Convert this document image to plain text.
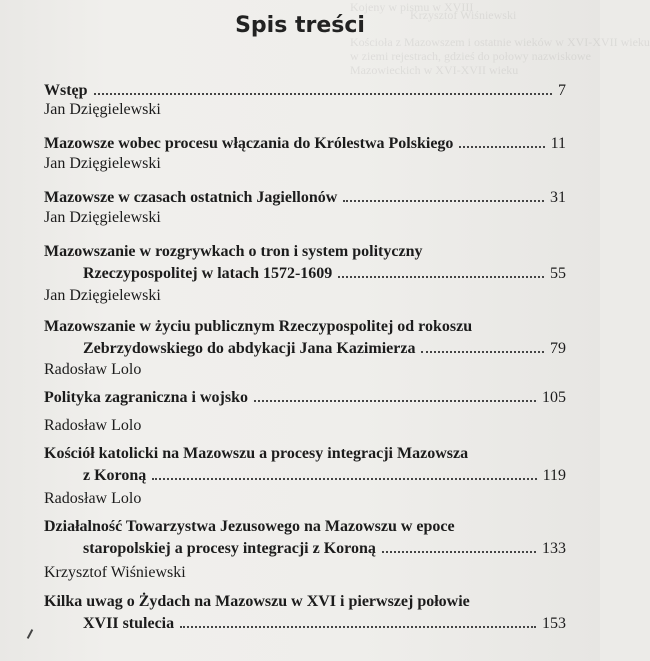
Kojeny w pismu w XVIII
Krzysztof Wiśniewski
Kościoła z Mazowszem i ostatnie wieków w XVI-XVII wieku
w ziemi rejestrach, gdzieś do połowy nazwiskowe
Mazowieckich w XVI-XVII wieku
Spis treści
Wstęp	7
Jan Dzięgielewski
Mazowsze wobec procesu włączania do Królestwa Polskiego	11
Jan Dzięgielewski
Mazowsze w czasach ostatnich Jagiellonów	31
Jan Dzięgielewski
Mazowszanie w rozgrywkach o tron i system polityczny
Rzeczypospolitej w latach 1572-1609	55
Jan Dzięgielewski
Mazowszanie w życiu publicznym Rzeczypospolitej od rokoszu
Zebrzydowskiego do abdykacji Jana Kazimierza	79
Radosław Lolo
Polityka zagraniczna i wojsko	105
Radosław Lolo
Kościół katolicki na Mazowszu a procesy integracji Mazowsza
z Koroną	119
Radosław Lolo
Działalność Towarzystwa Jezusowego na Mazowszu w epoce
staropolskiej a procesy integracji z Koroną	133
Krzysztof Wiśniewski
Kilka uwag o Żydach na Mazowszu w XVI i pierwszej połowie
XVII stulecia	153
